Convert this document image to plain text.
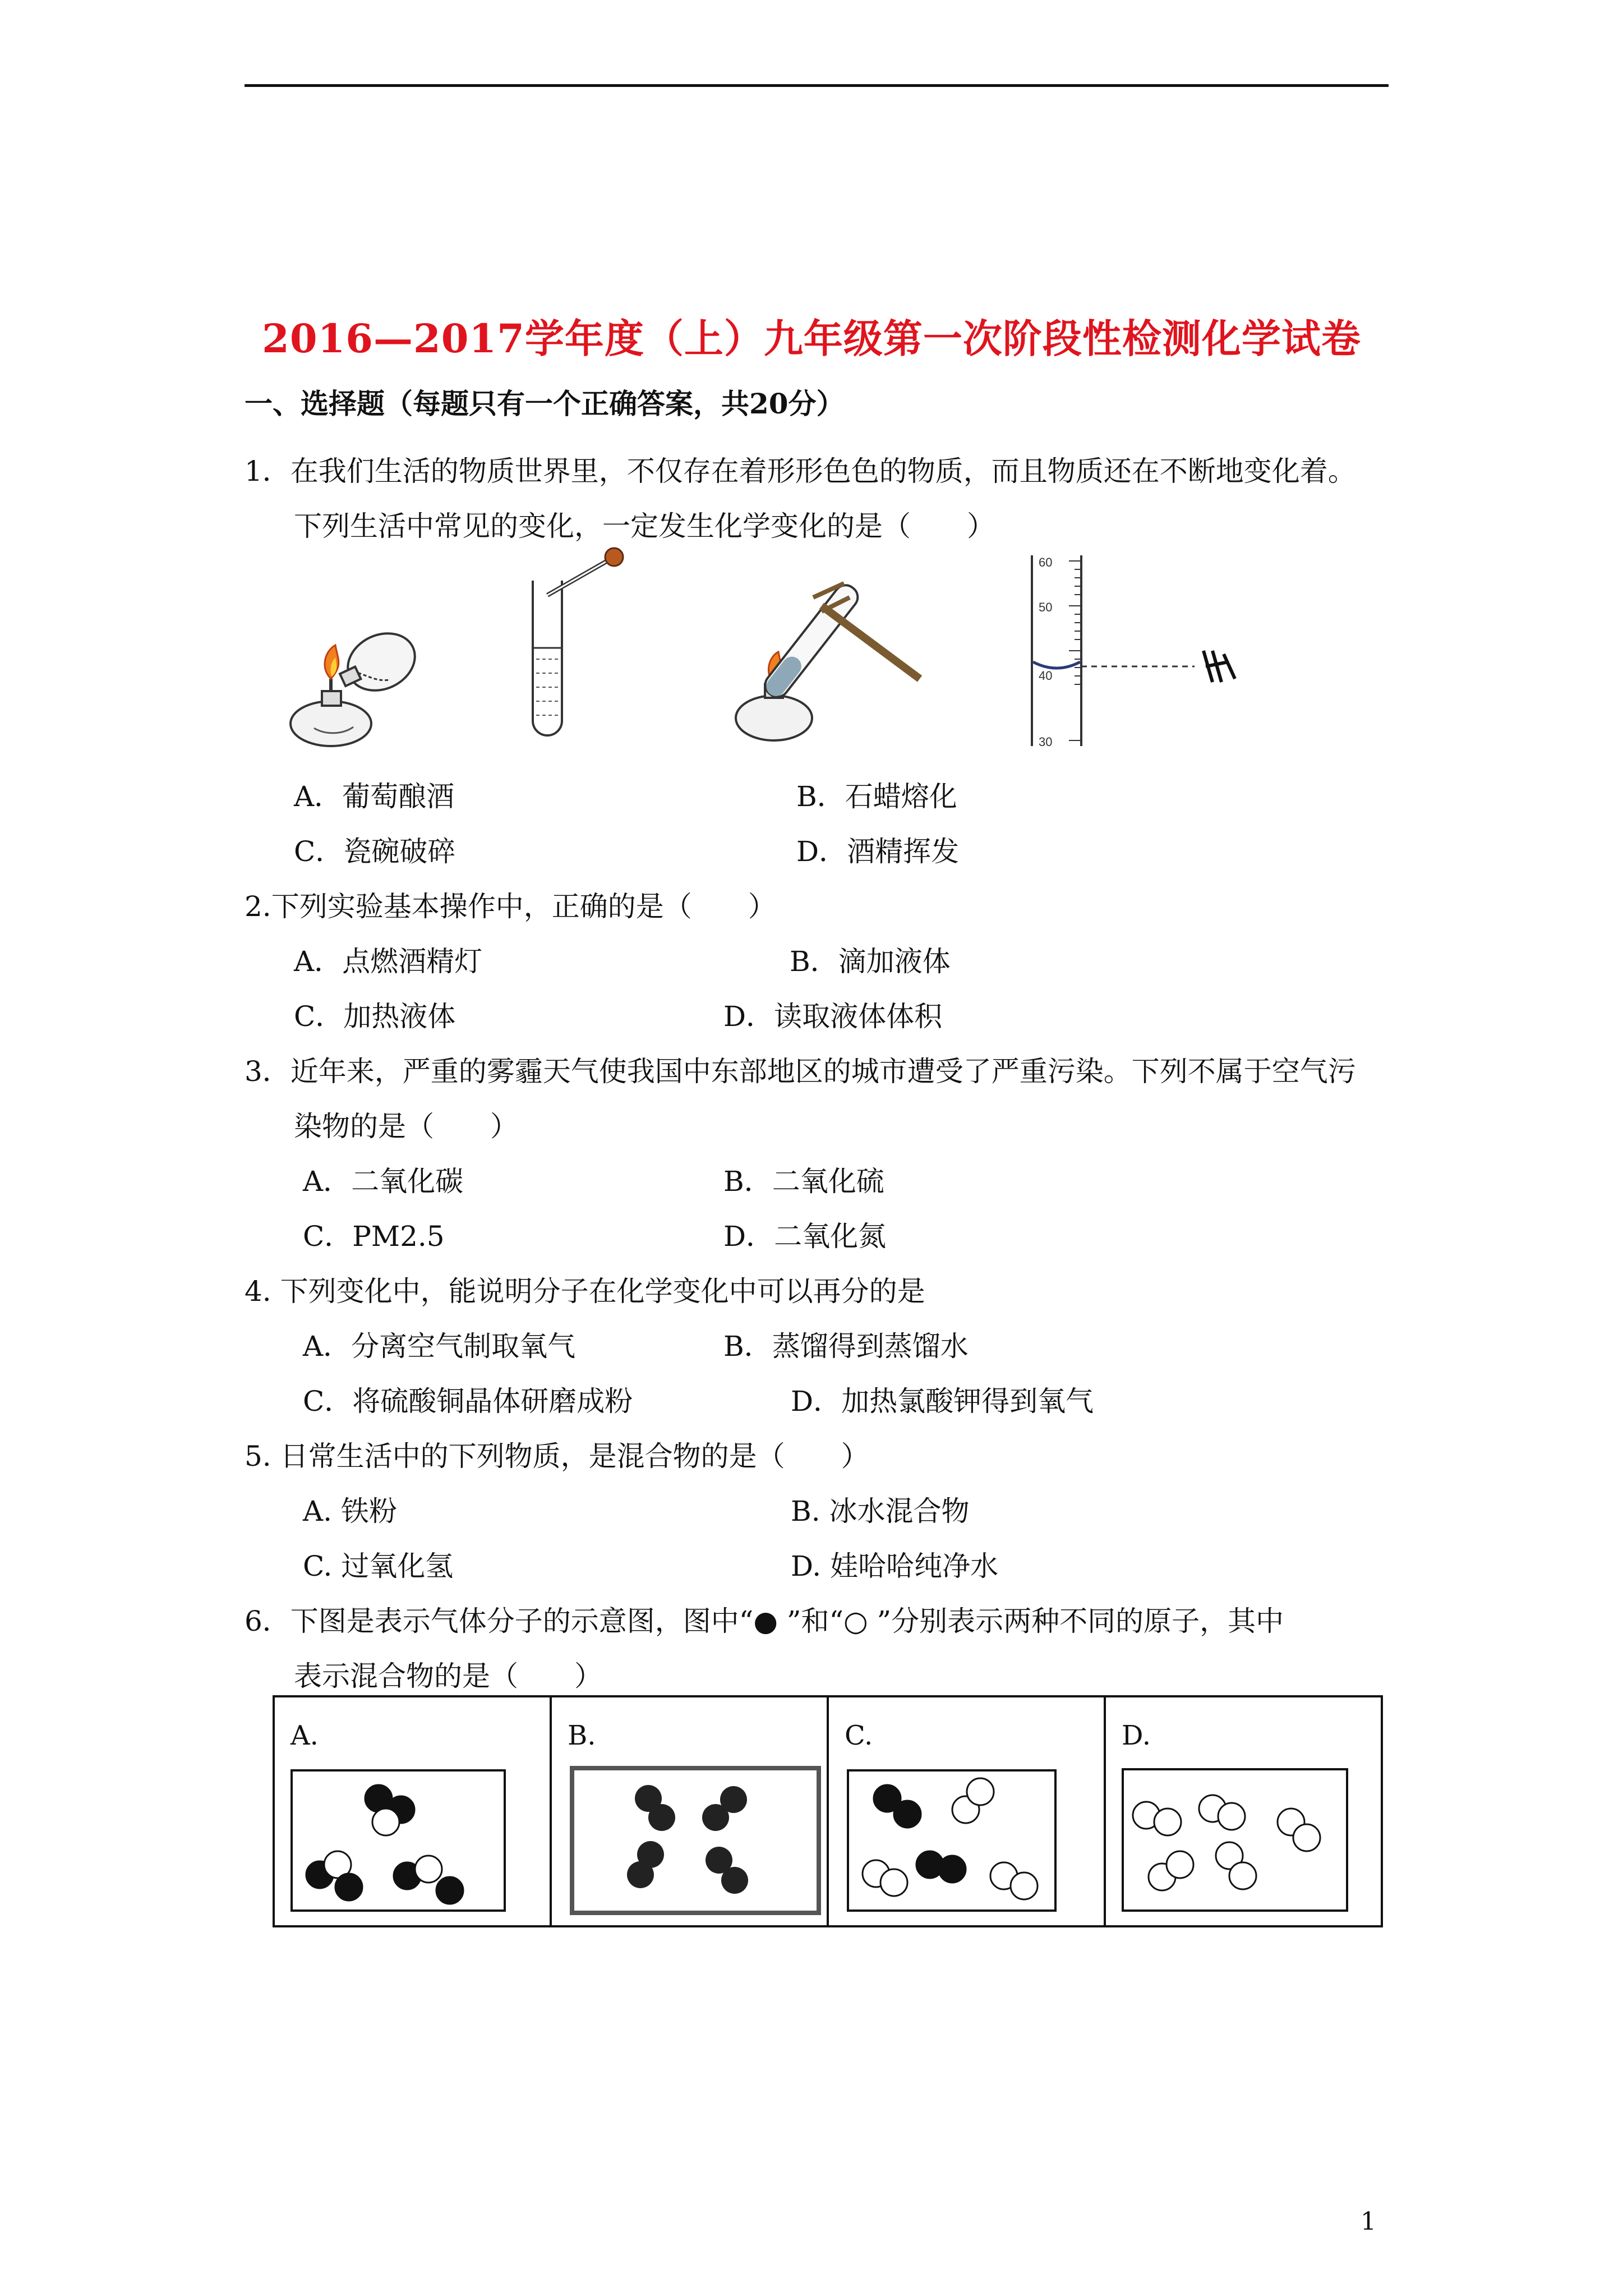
2016—2017学年度（上）九年级第一次阶段性检测化学试卷
一、选择题（每题只有一个正确答案，共20分）
1．在我们生活的物质世界里，不仅存在着形形色色的物质，而且物质还在不断地变化着。
下列生活中常见的变化，一定发生化学变化的是（　　）
60
50
40
30
A．葡萄酿酒	B．石蜡熔化
C．瓷碗破碎	D．酒精挥发
2.下列实验基本操作中，正确的是（　　）
A．点燃酒精灯	B．滴加液体
C．加热液体	D．读取液体体积
3．近年来，严重的雾霾天气使我国中东部地区的城市遭受了严重污染。下列不属于空气污
染物的是（　　）
A．二氧化碳	B．二氧化硫
C．PM2.5	D．二氧化氮
4. 下列变化中，能说明分子在化学变化中可以再分的是
A．分离空气制取氧气	B．蒸馏得到蒸馏水
C．将硫酸铜晶体研磨成粉	D．加热氯酸钾得到氧气
5. 日常生活中的下列物质，是混合物的是（　　）
A. 铁粉	B. 冰水混合物
C. 过氧化氢	D. 娃哈哈纯净水
6．下图是表示气体分子的示意图，图中“● ”和“○ ”分别表示两种不同的原子，其中
表示混合物的是（　　）
A.	B.	C.	D.
1
